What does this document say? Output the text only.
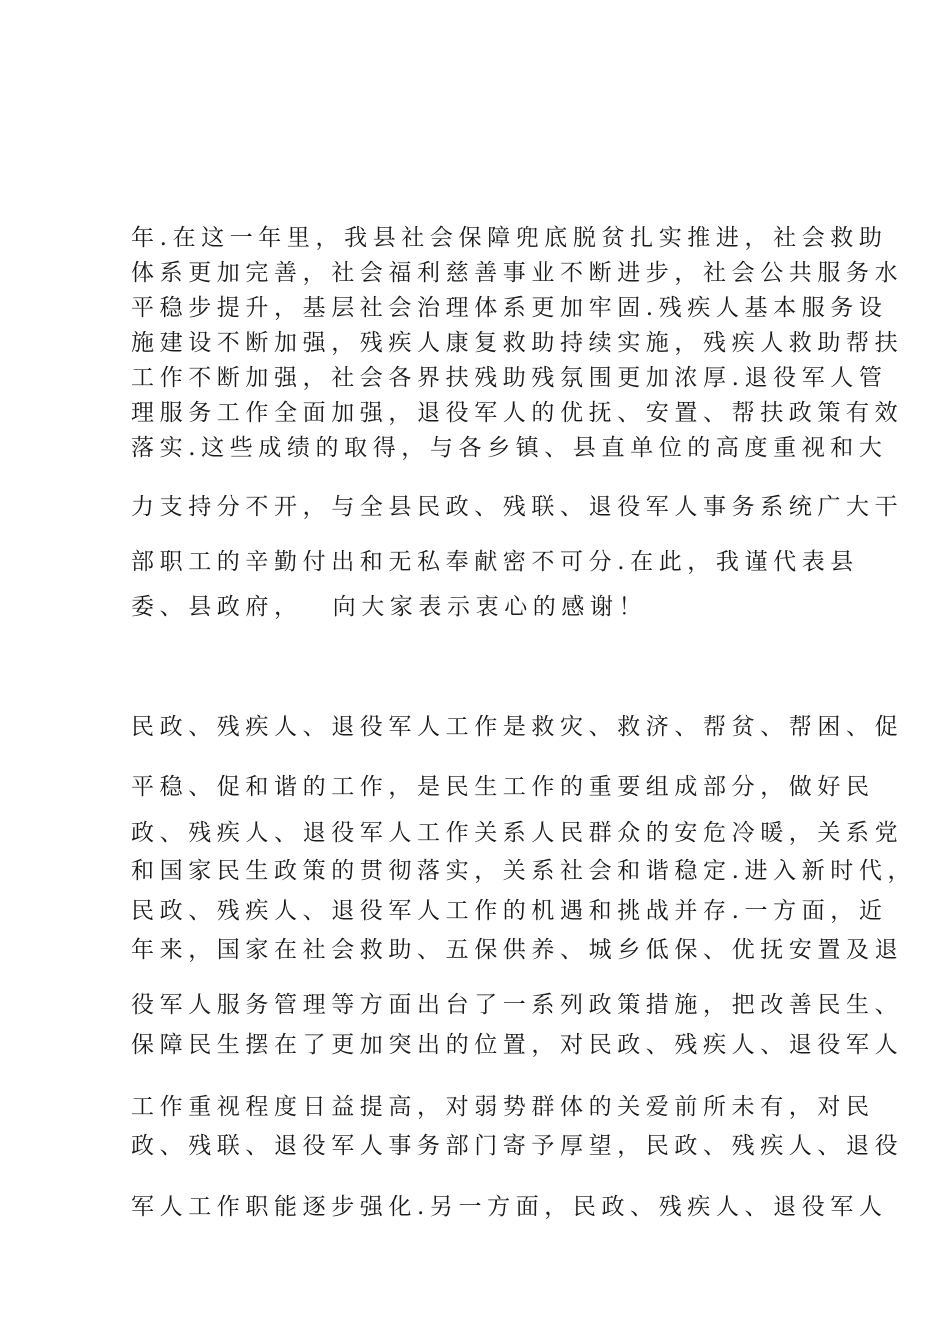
年.在这一年里，我县社会保障兜底脱贫扎实推进，社会救助
体系更加完善，社会福利慈善事业不断进步，社会公共服务水
平稳步提升，基层社会治理体系更加牢固.残疾人基本服务设
施建设不断加强，残疾人康复救助持续实施，残疾人救助帮扶
工作不断加强，社会各界扶残助残氛围更加浓厚.退役军人管
理服务工作全面加强，退役军人的优抚、安置、帮扶政策有效
落实.这些成绩的取得，与各乡镇、县直单位的高度重视和大
力支持分不开，与全县民政、残联、退役军人事务系统广大干
部职工的辛勤付出和无私奉献密不可分.在此，我谨代表县
委、县政府，　 向大家表示衷心的感谢！
民政、残疾人、退役军人工作是救灾、救济、帮贫、帮困、促
平稳、促和谐的工作，是民生工作的重要组成部分，做好民
政、残疾人、退役军人工作关系人民群众的安危冷暖，关系党
和国家民生政策的贯彻落实，关系社会和谐稳定.进入新时代，
民政、残疾人、退役军人工作的机遇和挑战并存.一方面，近
年来，国家在社会救助、五保供养、城乡低保、优抚安置及退
役军人服务管理等方面出台了一系列政策措施，把改善民生、
保障民生摆在了更加突出的位置，对民政、残疾人、退役军人
工作重视程度日益提高，对弱势群体的关爱前所未有，对民
政、残联、退役军人事务部门寄予厚望，民政、残疾人、退役
军人工作职能逐步强化.另一方面，民政、残疾人、退役军人
